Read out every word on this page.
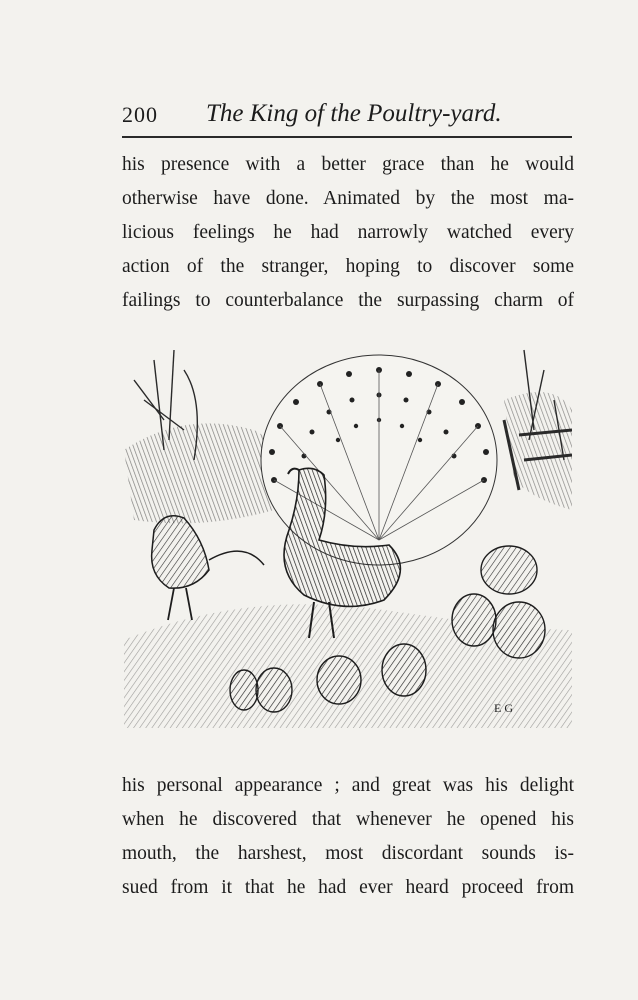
200 The King of the Poultry-yard.
his presence with a better grace than he would
otherwise have done. Animated by the most ma-
licious feelings he had narrowly watched every
action of the stranger, hoping to discover some
failings to counterbalance the surpassing charm of
E G
his personal appearance ; and great was his delight
when he discovered that whenever he opened his
mouth, the harshest, most discordant sounds is-
sued from it that he had ever heard proceed from
